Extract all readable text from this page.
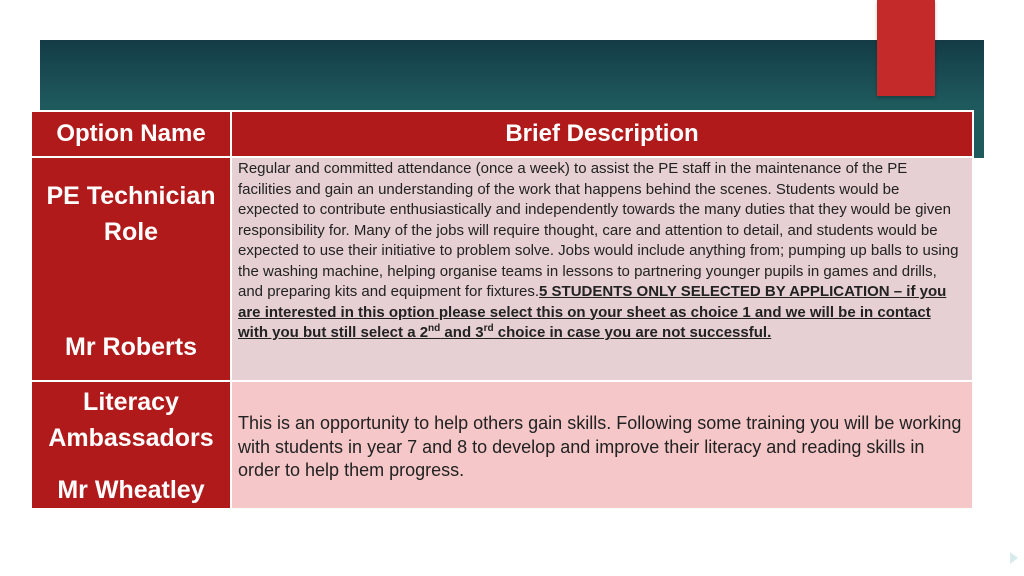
Option Name	Brief Description

PE Technician Role
Mr Roberts	Regular and committed attendance (once a week) to assist the PE staff in the maintenance of the PE facilities and gain an understanding of the work that happens behind the scenes. Students would be expected to contribute enthusiastically and independently towards the many duties that they would be given responsibility for. Many of the jobs will require thought, care and attention to detail, and students would be expected to use their initiative to problem solve. Jobs would include anything from; pumping up balls to using the washing machine, helping organise teams in lessons to partnering younger pupils in games and drills, and preparing kits and equipment for fixtures.5 STUDENTS ONLY SELECTED BY APPLICATION – if you are interested in this option please select this on your sheet as choice 1 and we will be in contact with you but still select a 2nd and 3rd choice in case you are not successful.

Literacy Ambassadors
Mr Wheatley	This is an opportunity to help others gain skills. Following some training you will be working with students in year 7 and 8 to develop and improve their literacy and reading skills in order to help them progress.
